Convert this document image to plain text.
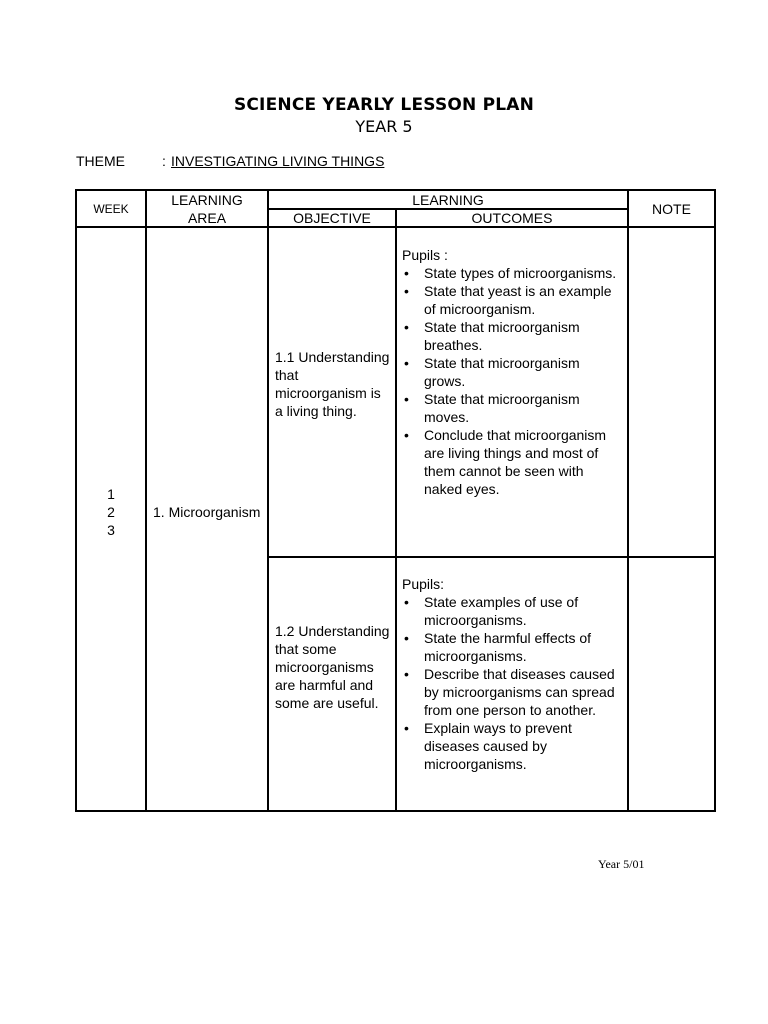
SCIENCE YEARLY LESSON PLAN
YEAR 5
THEME	: INVESTIGATING LIVING THINGS
WEEK
LEARNING
AREA
LEARNING
OBJECTIVE	OUTCOMES
NOTE
1
2
3
1. Microorganism
1.1 Understanding that microorganism is a living thing.
Pupils :
• State types of microorganisms.
• State that yeast is an example of microorganism.
• State that microorganism breathes.
• State that microorganism grows.
• State that microorganism moves.
• Conclude that microorganism are living things and most of them cannot be seen with naked eyes.
1.2 Understanding that some microorganisms are harmful and some are useful.
Pupils:
• State examples of use of microorganisms.
• State the harmful effects of microorganisms.
• Describe that diseases caused by microorganisms can spread from one person to another.
• Explain ways to prevent diseases caused by microorganisms.
Year 5/01
